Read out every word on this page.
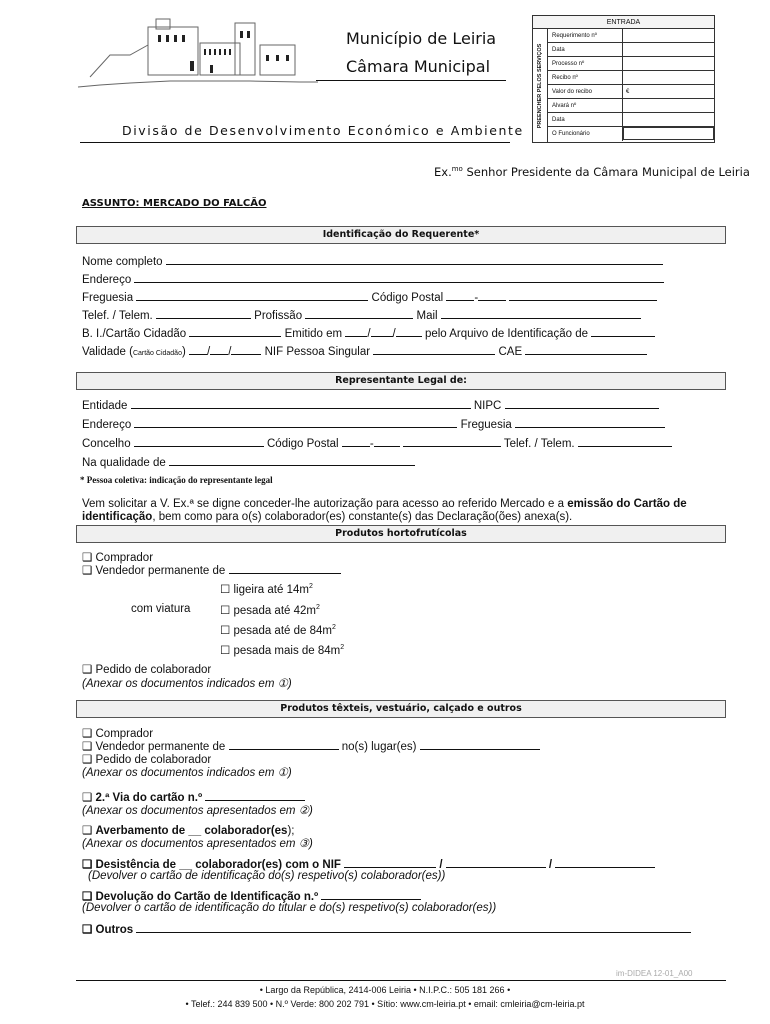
Município de Leiria
Câmara Municipal
Divisão de Desenvolvimento Económico e Ambiente
ENTRADA
PREENCHER PELOS SERVIÇOS
Requerimento nº
Data
Processo nº
Recibo nº
Valor do recibo	€
Alvará nº
Data
O Funcionário
Ex.$^{mo}$ Senhor Presidente da Câmara Municipal de Leiria
ASSUNTO: MERCADO DO FALCÃO
Identificação do Requerente*
Nome completo
Endereço
Freguesia	Código Postal	-
Telef. / Telem.	Profissão	Mail
B. I./Cartão Cidadão	Emitido em / /	pelo Arquivo de Identificação de
Validade (Cartão Cidadão) / /	NIF Pessoa Singular	CAE
Representante Legal de:
Entidade	NIPC
Endereço	Freguesia
Concelho	Código Postal	-	Telef. / Telem.
Na qualidade de
* Pessoa coletiva: indicação do representante legal
Vem solicitar a V. Ex.ª se digne conceder-lhe autorização para acesso ao referido Mercado e a emissão do Cartão de identificação, bem como para o(s) colaborador(es) constante(s) das Declaração(ões) anexa(s).
Produtos hortofrutícolas
❑ Comprador
❑ Vendedor permanente de
☐ ligeira até $14m^2$
com viatura	☐ pesada até $42m^2$
☐ pesada até de $84m^2$
☐ pesada mais de $84m^2$
❑ Pedido de colaborador
(Anexar os documentos indicados em ①)
Produtos têxteis, vestuário, calçado e outros
❑ Comprador
❑ Vendedor permanente de	no(s) lugar(es)
❑ Pedido de colaborador
(Anexar os documentos indicados em ①)
❑ 2.ª Via do cartão n.º
(Anexar os documentos apresentados em ②)
❑ Averbamento de __ colaborador(es);
(Anexar os documentos apresentados em ③)
❑ Desistência de __ colaborador(es) com o NIF	/	/
(Devolver o cartão de identificação do(s) respetivo(s) colaborador(es))
❑ Devolução do Cartão de Identificação n.º
(Devolver o cartão de identificação do titular e do(s) respetivo(s) colaborador(es))
❑ Outros
im-DIDEA 12-01_A00
• Largo da República, 2414-006 Leiria • N.I.P.C.: 505 181 266 •
• Telef.: 244 839 500 • N.º Verde: 800 202 791 • Sítio: www.cm-leiria.pt • email: cmleiria@cm-leiria.pt
